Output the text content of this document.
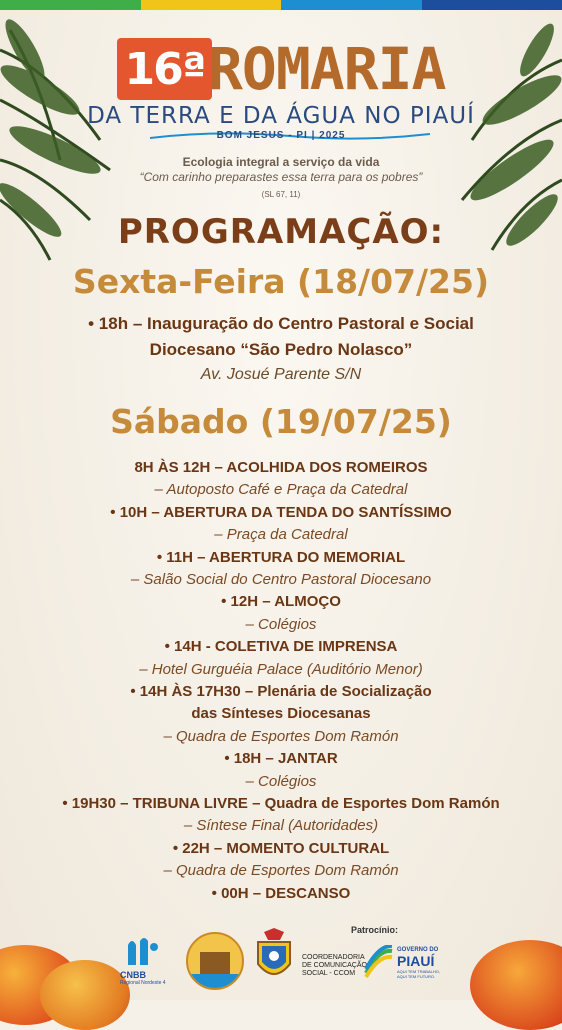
16ª ROMARIA
DA TERRA E DA ÁGUA NO PIAUÍ
BOM JESUS - PI | 2025
Ecologia integral a serviço da vida
“Com carinho preparastes essa terra para os pobres”
(SL 67, 11)
PROGRAMAÇÃO:
Sexta-Feira (18/07/25)
• 18h – Inauguração do Centro Pastoral e Social
Diocesano “São Pedro Nolasco”
Av. Josué Parente S/N
Sábado (19/07/25)
8H ÀS 12H – ACOLHIDA DOS ROMEIROS
– Autoposto Café e Praça da Catedral
• 10H – ABERTURA DA TENDA DO SANTÍSSIMO
– Praça da Catedral
• 11H – ABERTURA DO MEMORIAL
– Salão Social do Centro Pastoral Diocesano
• 12H – ALMOÇO
– Colégios
• 14H - COLETIVA DE IMPRENSA
– Hotel Gurguéia Palace (Auditório Menor)
• 14H ÀS 17H30 – Plenária de Socialização
das Sínteses Diocesanas
– Quadra de Esportes Dom Ramón
• 18H – JANTAR
– Colégios
• 19H30 – TRIBUNA LIVRE – Quadra de Esportes Dom Ramón
– Síntese Final (Autoridades)
• 22H – MOMENTO CULTURAL
– Quadra de Esportes Dom Ramón
• 00H – DESCANSO
Patrocínio:
CNBB
Regional Nordeste 4
COORDENADORIA
DE COMUNICAÇÃO
SOCIAL - CCOM
GOVERNO DO
PIAUÍ
AQUI TEM TRABALHO,
AQUI TEM FUTURO.
